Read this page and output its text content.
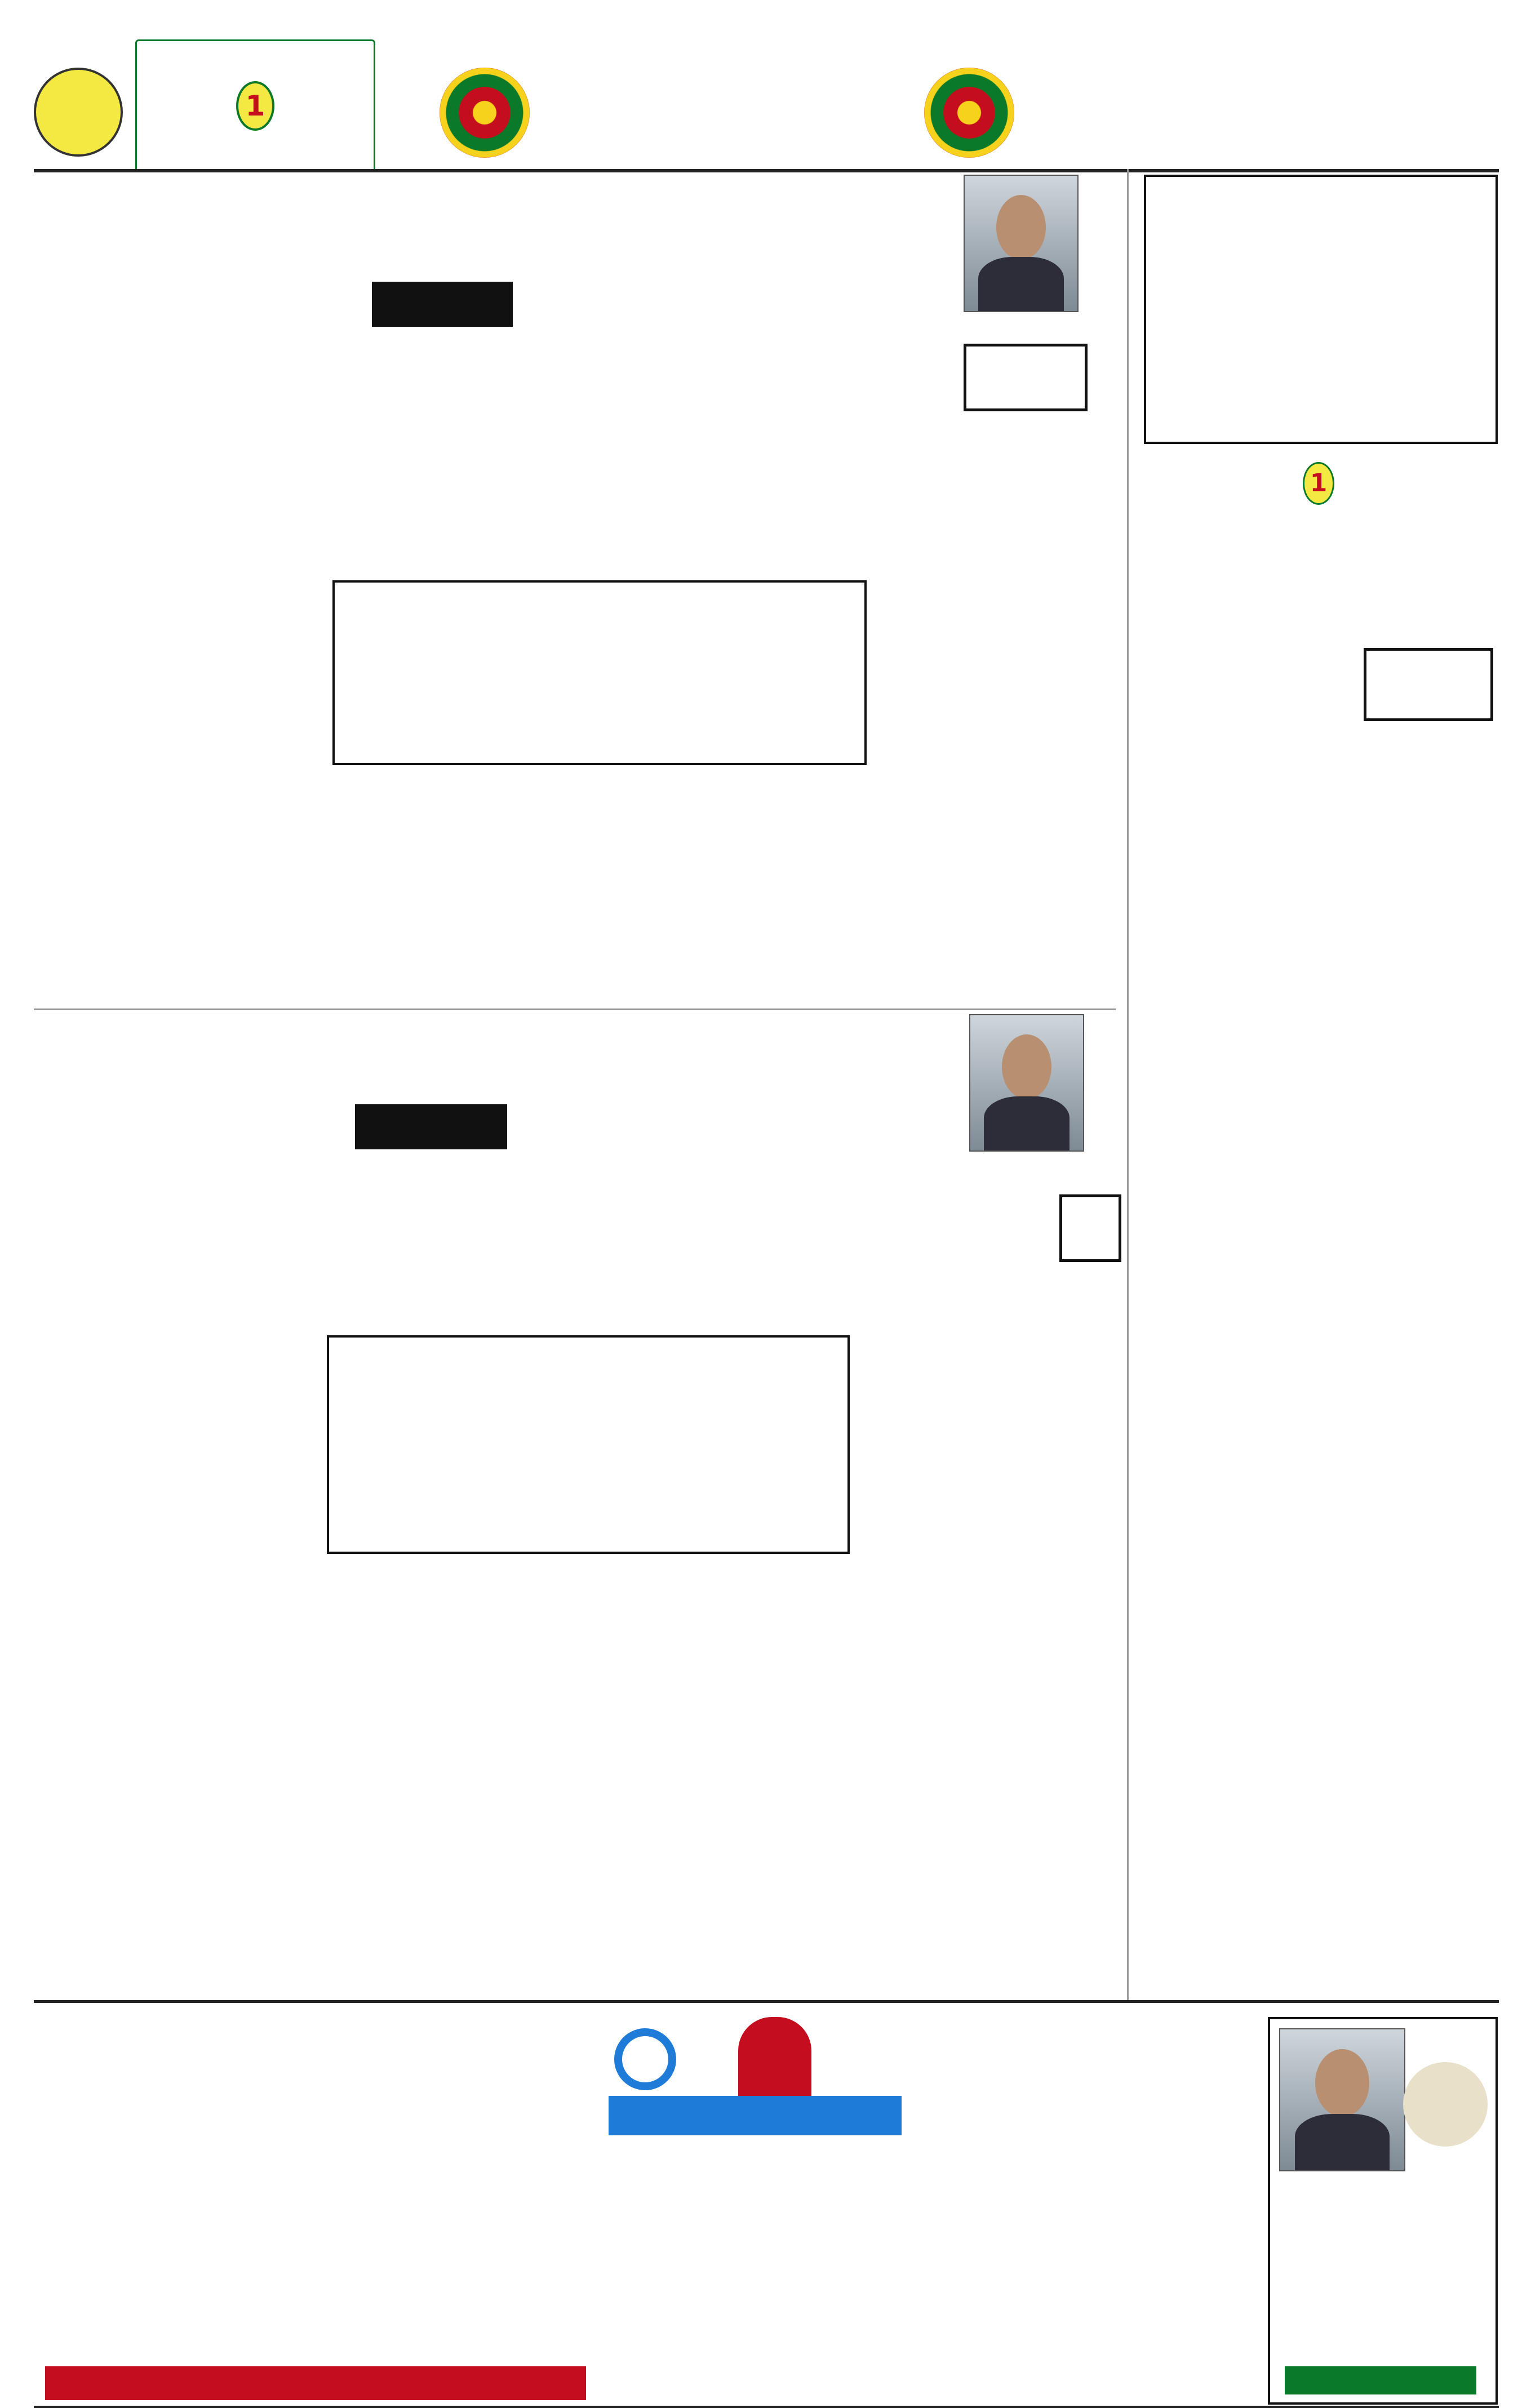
1

1
